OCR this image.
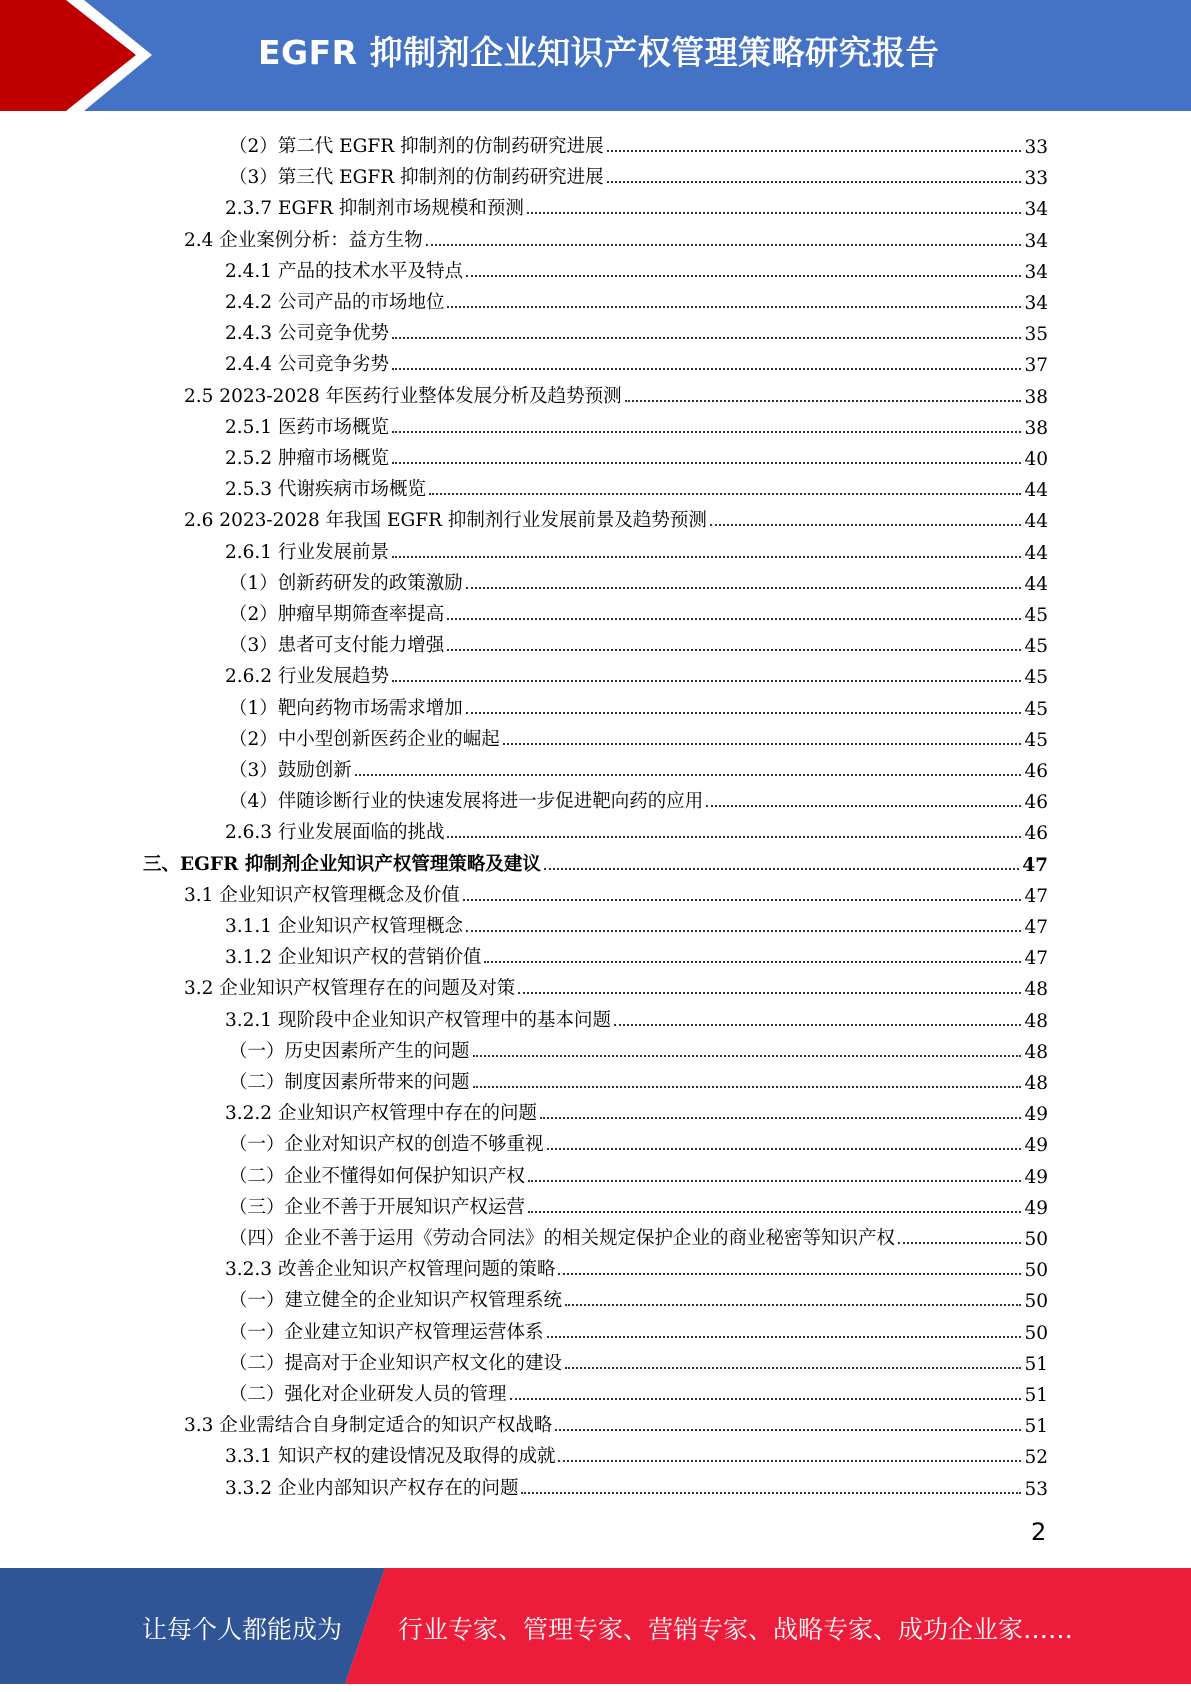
EGFR 抑制剂企业知识产权管理策略研究报告
（2）第二代 EGFR 抑制剂的仿制药研究进展	33
（3）第三代 EGFR 抑制剂的仿制药研究进展	33
2.3.7 EGFR 抑制剂市场规模和预测	34
2.4 企业案例分析：益方生物	34
2.4.1 产品的技术水平及特点	34
2.4.2 公司产品的市场地位	34
2.4.3 公司竞争优势	35
2.4.4 公司竞争劣势	37
2.5 2023-2028 年医药行业整体发展分析及趋势预测	38
2.5.1 医药市场概览	38
2.5.2 肿瘤市场概览	40
2.5.3 代谢疾病市场概览	44
2.6 2023-2028 年我国 EGFR 抑制剂行业发展前景及趋势预测	44
2.6.1 行业发展前景	44
（1）创新药研发的政策激励	44
（2）肿瘤早期筛查率提高	45
（3）患者可支付能力增强	45
2.6.2 行业发展趋势	45
（1）靶向药物市场需求增加	45
（2）中小型创新医药企业的崛起	45
（3）鼓励创新	46
（4）伴随诊断行业的快速发展将进一步促进靶向药的应用	46
2.6.3 行业发展面临的挑战	46
三、EGFR 抑制剂企业知识产权管理策略及建议	47
3.1 企业知识产权管理概念及价值	47
3.1.1 企业知识产权管理概念	47
3.1.2 企业知识产权的营销价值	47
3.2 企业知识产权管理存在的问题及对策	48
3.2.1 现阶段中企业知识产权管理中的基本问题	48
（一）历史因素所产生的问题	48
（二）制度因素所带来的问题	48
3.2.2 企业知识产权管理中存在的问题	49
（一）企业对知识产权的创造不够重视	49
（二）企业不懂得如何保护知识产权	49
（三）企业不善于开展知识产权运营	49
（四）企业不善于运用《劳动合同法》的相关规定保护企业的商业秘密等知识产权	50
3.2.3 改善企业知识产权管理问题的策略	50
（一）建立健全的企业知识产权管理系统	50
（一）企业建立知识产权管理运营体系	50
（二）提高对于企业知识产权文化的建设	51
（二）强化对企业研发人员的管理	51
3.3 企业需结合自身制定适合的知识产权战略	51
3.3.1 知识产权的建设情况及取得的成就	52
3.3.2 企业内部知识产权存在的问题	53
2
让每个人都能成为 行业专家、管理专家、营销专家、战略专家、成功企业家……
